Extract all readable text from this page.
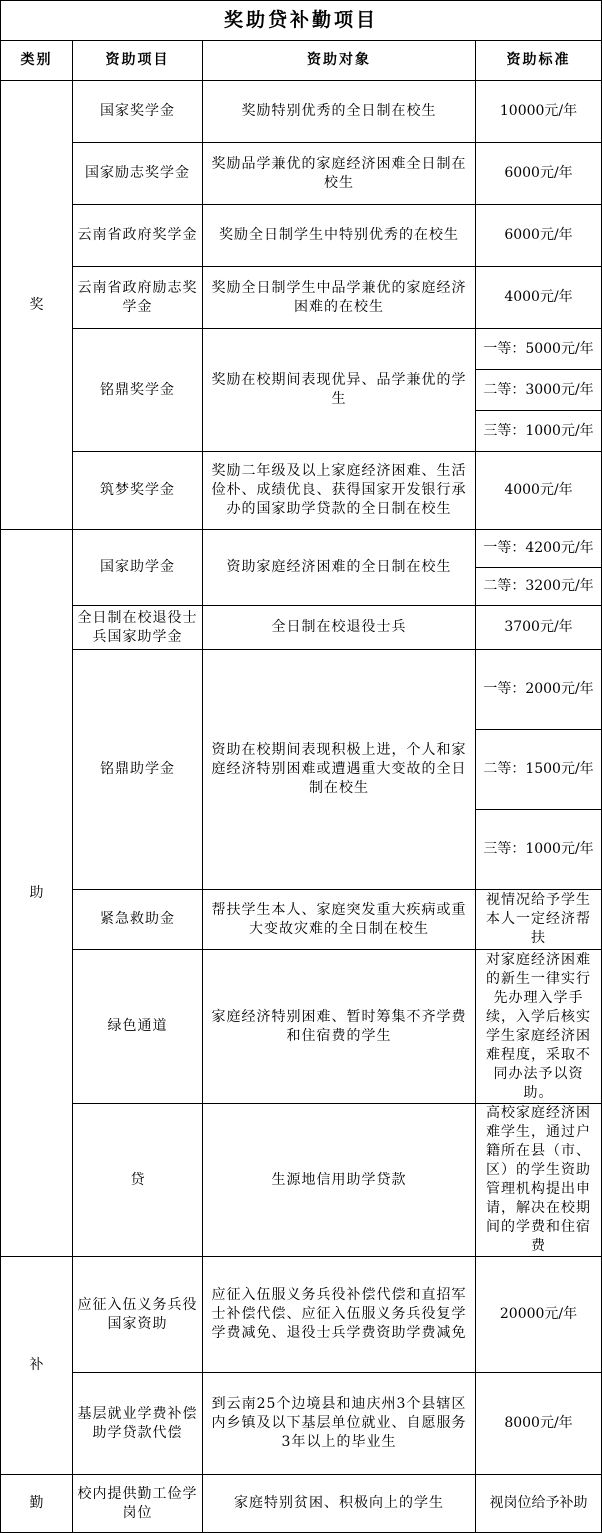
奖助贷补勤项目				
类别	资助项目	资助对象	资助标准	
奖	国家奖学金	奖励特别优秀的全日制在校生	10000元/年	
	国家励志奖学金	奖励品学兼优的家庭经济困难全日制在校生	6000元/年	
	云南省政府奖学金	奖励全日制学生中特别优秀的在校生	6000元/年	
	云南省政府励志奖学金	奖励全日制学生中品学兼优的家庭经济困难的在校生	4000元/年	
	铭鼎奖学金	奖励在校期间表现优异、品学兼优的学生	一等：5000元/年	
			二等：3000元/年	
			三等：1000元/年	
	筑梦奖学金	奖励二年级及以上家庭经济困难、生活俭朴、成绩优良、获得国家开发银行承办的国家助学贷款的全日制在校生	4000元/年	
助	国家助学金	资助家庭经济困难的全日制在校生	一等：4200元/年	
			二等：3200元/年	
	全日制在校退役士兵国家助学金	全日制在校退役士兵	3700元/年	
	铭鼎助学金	资助在校期间表现积极上进，个人和家庭经济特别困难或遭遇重大变故的全日制在校生	一等：2000元/年	
			二等：1500元/年	
			三等：1000元/年	
	紧急救助金	帮扶学生本人、家庭突发重大疾病或重大变故灾难的全日制在校生	视情况给予学生本人一定经济帮扶	
	绿色通道	家庭经济特别困难、暂时筹集不齐学费和住宿费的学生	对家庭经济困难的新生一律实行先办理入学手续，入学后核实学生家庭经济困难程度，采取不同办法予以资助。	
	贷	生源地信用助学贷款	高校家庭经济困难学生，通过户籍所在县（市、区）的学生资助管理机构提出申请，解决在校期间的学费和住宿费	
补	应征入伍义务兵役国家资助	应征入伍服义务兵役补偿代偿和直招军士补偿代偿、应征入伍服义务兵役复学学费减免、退役士兵学费资助学费减免	20000元/年	
	基层就业学费补偿助学贷款代偿	到云南25个边境县和迪庆州3个县辖区内乡镇及以下基层单位就业、自愿服务3年以上的毕业生	8000元/年	
勤	校内提供勤工俭学岗位	家庭特别贫困、积极向上的学生	视岗位给予补助	
